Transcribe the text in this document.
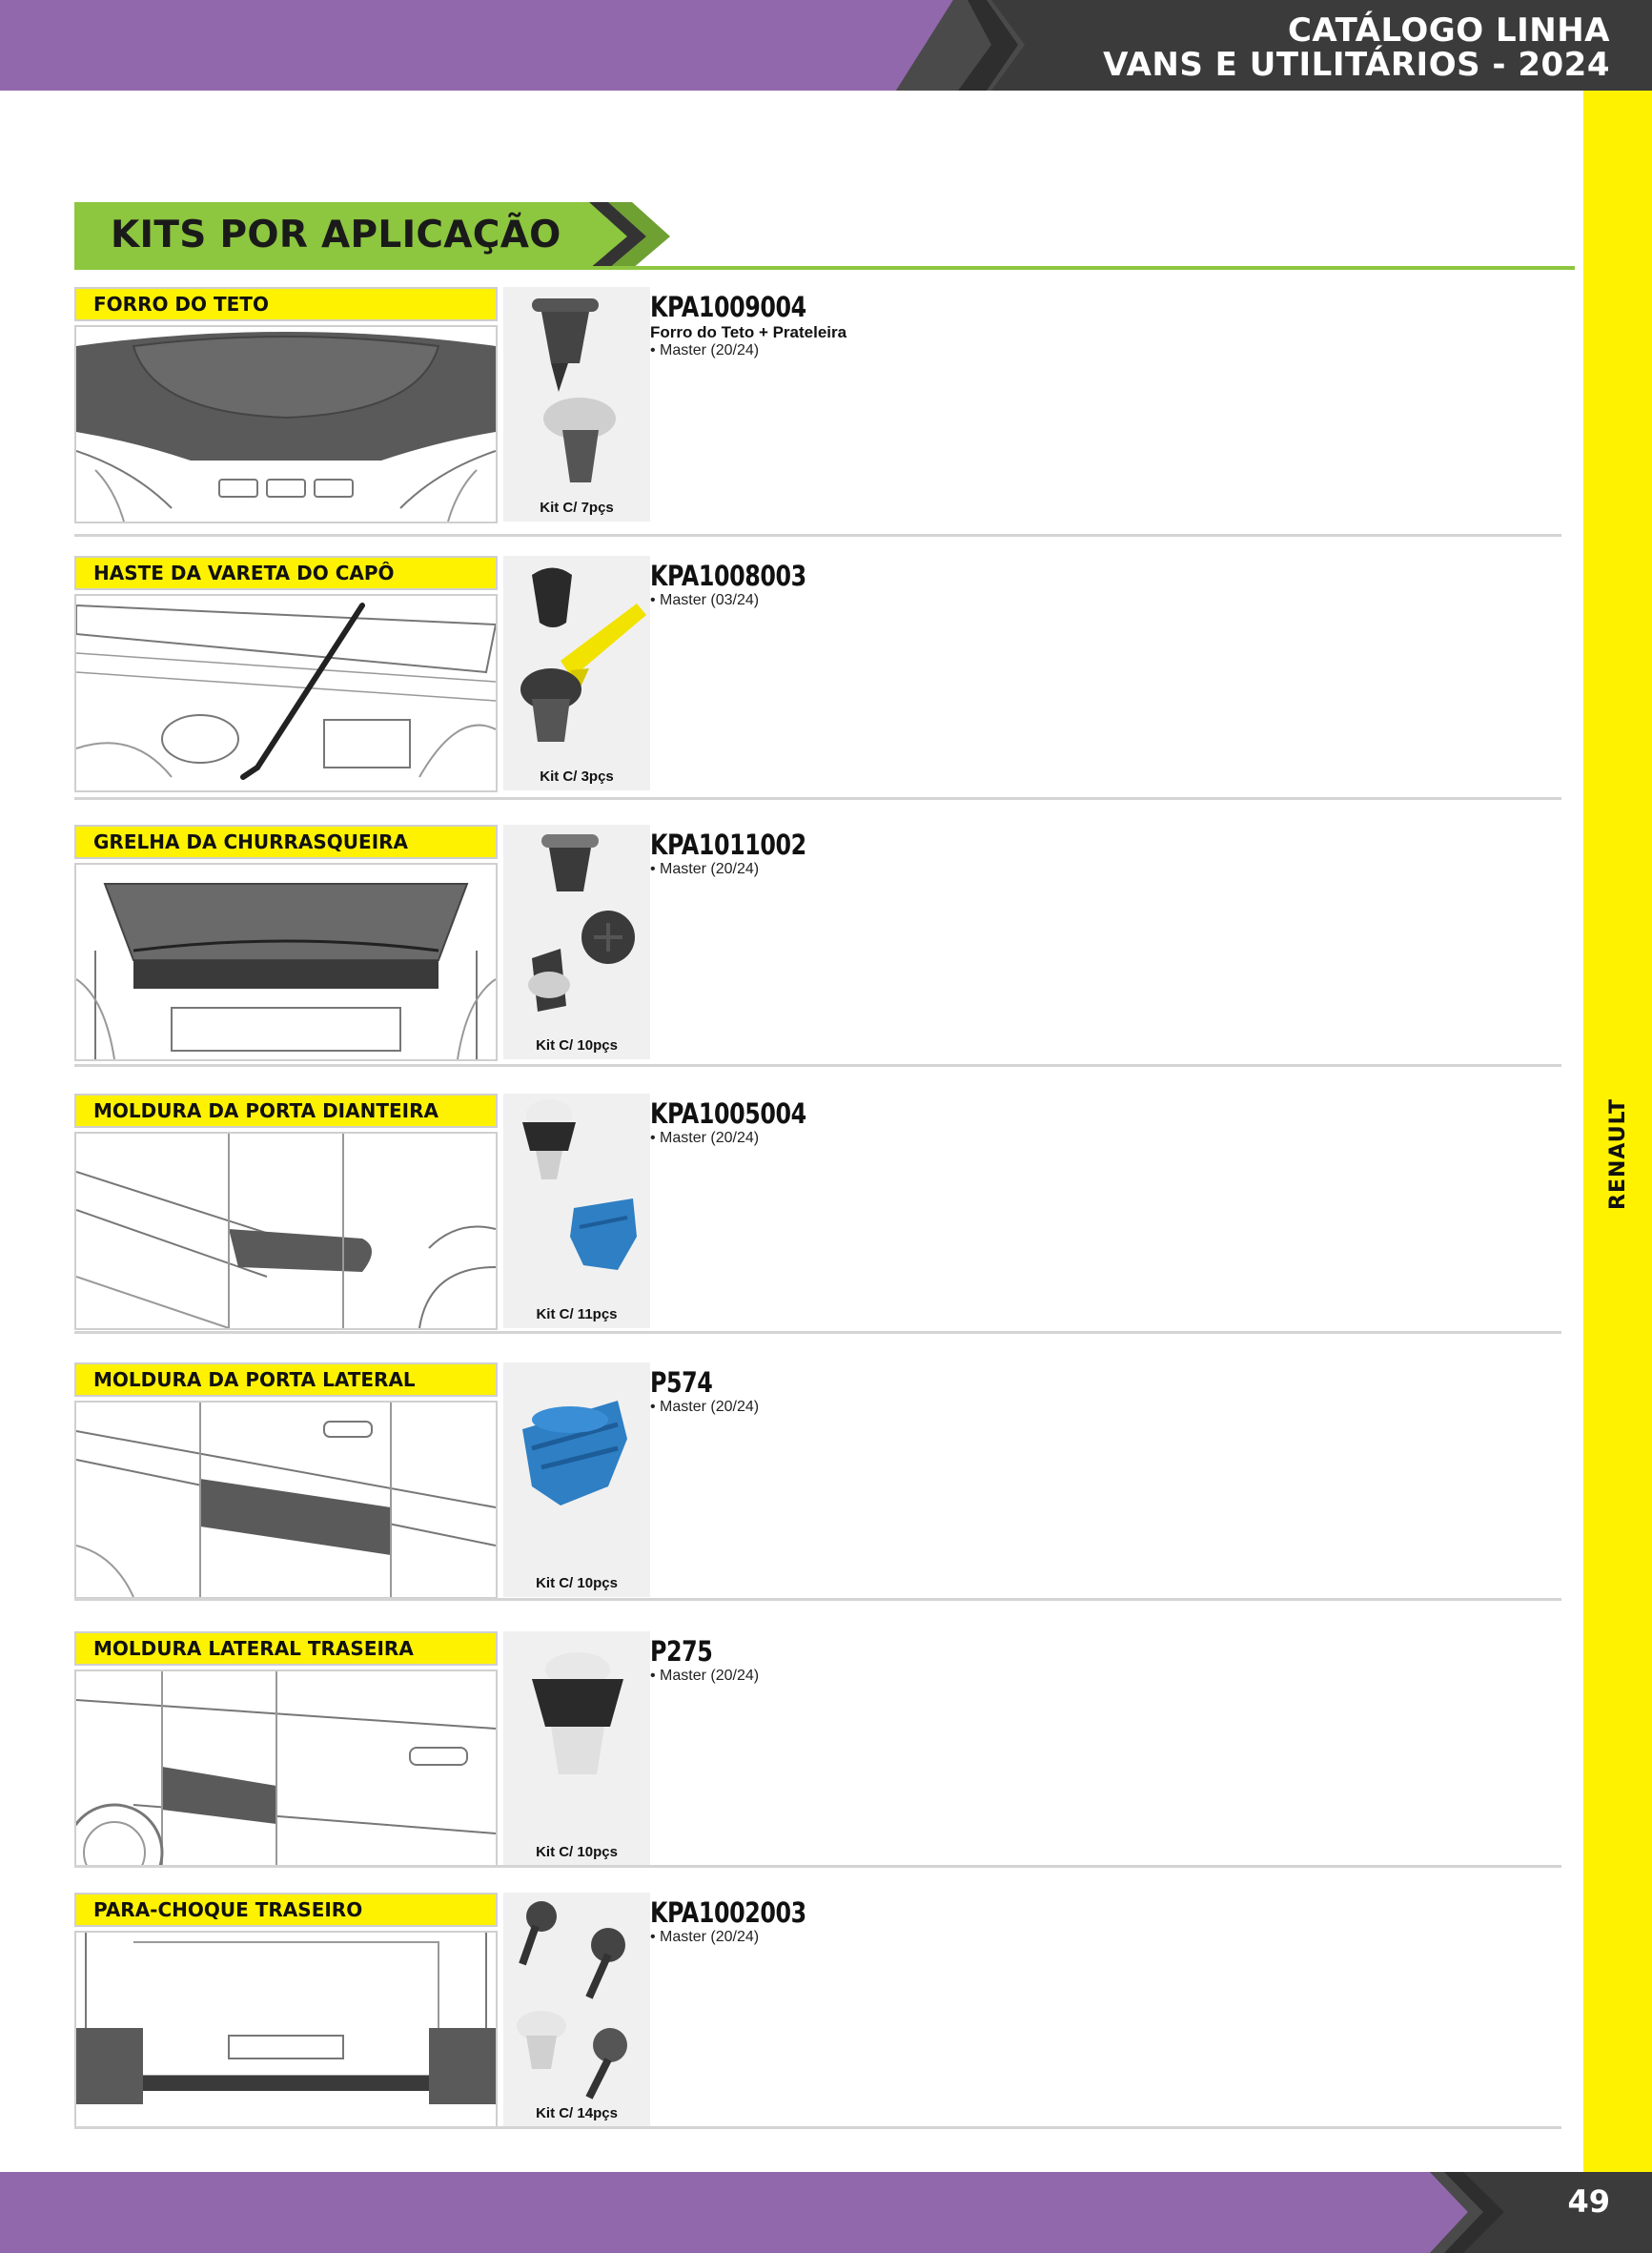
CATÁLOGO LINHA
VANS E UTILITÁRIOS - 2024
RENAULT
KITS POR APLICAÇÃO
FORRO DO TETO
Kit C/ 7pçs
KPA1009004
Forro do Teto + Prateleira
• Master (20/24)
HASTE DA VARETA DO CAPÔ
Kit C/ 3pçs
KPA1008003
• Master (03/24)
GRELHA DA CHURRASQUEIRA
Kit C/ 10pçs
KPA1011002
• Master (20/24)
MOLDURA DA PORTA DIANTEIRA
Kit C/ 11pçs
KPA1005004
• Master (20/24)
MOLDURA DA PORTA LATERAL
Kit C/ 10pçs
P574
• Master (20/24)
MOLDURA LATERAL TRASEIRA
Kit C/ 10pçs
P275
• Master (20/24)
PARA-CHOQUE TRASEIRO
Kit C/ 14pçs
KPA1002003
• Master (20/24)
49
